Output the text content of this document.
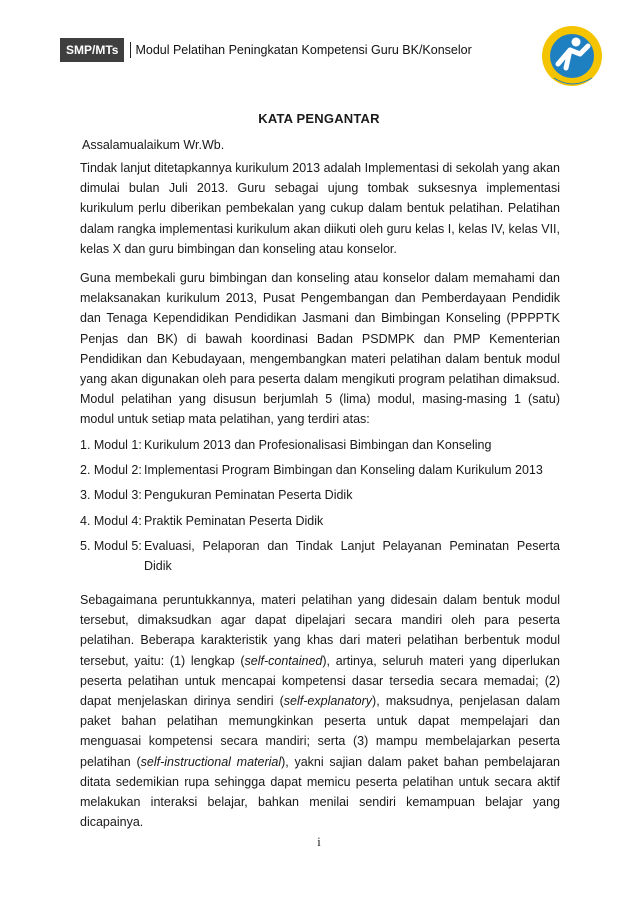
SMP/MTs	Modul Pelatihan Peningkatan Kompetensi Guru BK/Konselor
KATA PENGANTAR
Assalamualaikum Wr.Wb.

Tindak lanjut ditetapkannya kurikulum 2013 adalah Implementasi di sekolah yang akan dimulai bulan Juli 2013. Guru sebagai ujung tombak suksesnya implementasi kurikulum perlu diberikan pembekalan yang cukup dalam bentuk pelatihan. Pelatihan dalam rangka implementasi kurikulum akan diikuti oleh guru kelas I, kelas IV, kelas VII, kelas X dan guru bimbingan dan konseling atau konselor.

Guna membekali guru bimbingan dan konseling atau konselor dalam memahami dan melaksanakan kurikulum 2013, Pusat Pengembangan dan Pemberdayaan Pendidik dan Tenaga Kependidikan Pendidikan Jasmani dan Bimbingan Konseling (PPPPTK Penjas dan BK) di bawah koordinasi Badan PSDMPK dan PMP Kementerian Pendidikan dan Kebudayaan, mengembangkan materi pelatihan dalam bentuk modul yang akan digunakan oleh para peserta dalam mengikuti program pelatihan dimaksud. Modul pelatihan yang disusun berjumlah 5 (lima) modul, masing-masing 1 (satu) modul untuk setiap mata pelatihan, yang terdiri atas:

1. Modul 1: Kurikulum 2013 dan Profesionalisasi Bimbingan dan Konseling
2. Modul 2: Implementasi Program Bimbingan dan Konseling dalam Kurikulum 2013
3. Modul 3: Pengukuran Peminatan Peserta Didik
4. Modul 4: Praktik Peminatan Peserta Didik
5. Modul 5: Evaluasi, Pelaporan dan Tindak Lanjut Pelayanan Peminatan Peserta Didik

Sebagaimana peruntukkannya, materi pelatihan yang didesain dalam bentuk modul tersebut, dimaksudkan agar dapat dipelajari secara mandiri oleh para peserta pelatihan. Beberapa karakteristik yang khas dari materi pelatihan berbentuk modul tersebut, yaitu: (1) lengkap (self-contained), artinya, seluruh materi yang diperlukan peserta pelatihan untuk mencapai kompetensi dasar tersedia secara memadai; (2) dapat menjelaskan dirinya sendiri (self-explanatory), maksudnya, penjelasan dalam paket bahan pelatihan memungkinkan peserta untuk dapat mempelajari dan menguasai kompetensi secara mandiri; serta (3) mampu membelajarkan peserta pelatihan (self-instructional material), yakni sajian dalam paket bahan pembelajaran ditata sedemikian rupa sehingga dapat memicu peserta pelatihan untuk secara aktif melakukan interaksi belajar, bahkan menilai sendiri kemampuan belajar yang dicapainya.

i
